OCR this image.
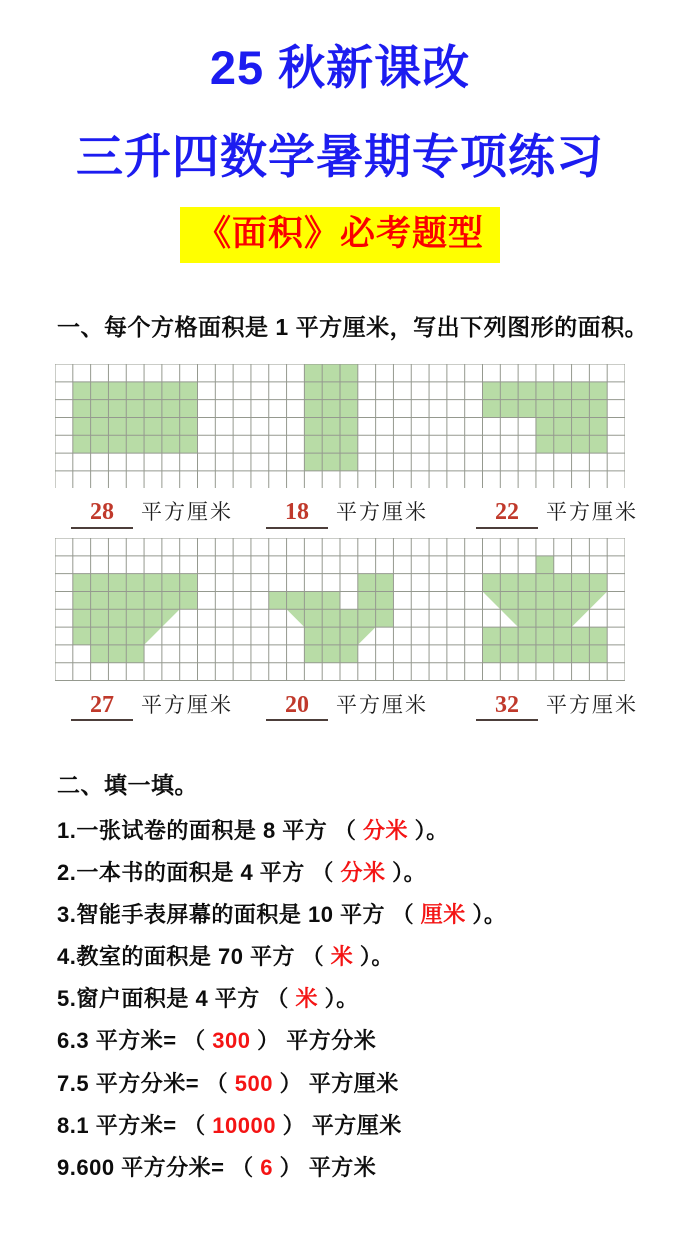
25 秋新课改
三升四数学暑期专项练习
《面积》必考题型
一、每个方格面积是 1 平方厘米，写出下列图形的面积。
28 平方厘米	18 平方厘米	22 平方厘米
27 平方厘米	20 平方厘米	32 平方厘米
二、填一填。
1.一张试卷的面积是 8 平方 （ 分米 ）。
2.一本书的面积是 4 平方 （ 分米 ）。
3.智能手表屏幕的面积是 10 平方 （ 厘米 ）。
4.教室的面积是 70 平方 （ 米 ）。
5.窗户面积是 4 平方 （ 米 ）。
6.3 平方米= （ 300 ） 平方分米
7.5 平方分米= （ 500 ） 平方厘米
8.1 平方米= （ 10000 ） 平方厘米
9.600 平方分米= （ 6 ） 平方米
